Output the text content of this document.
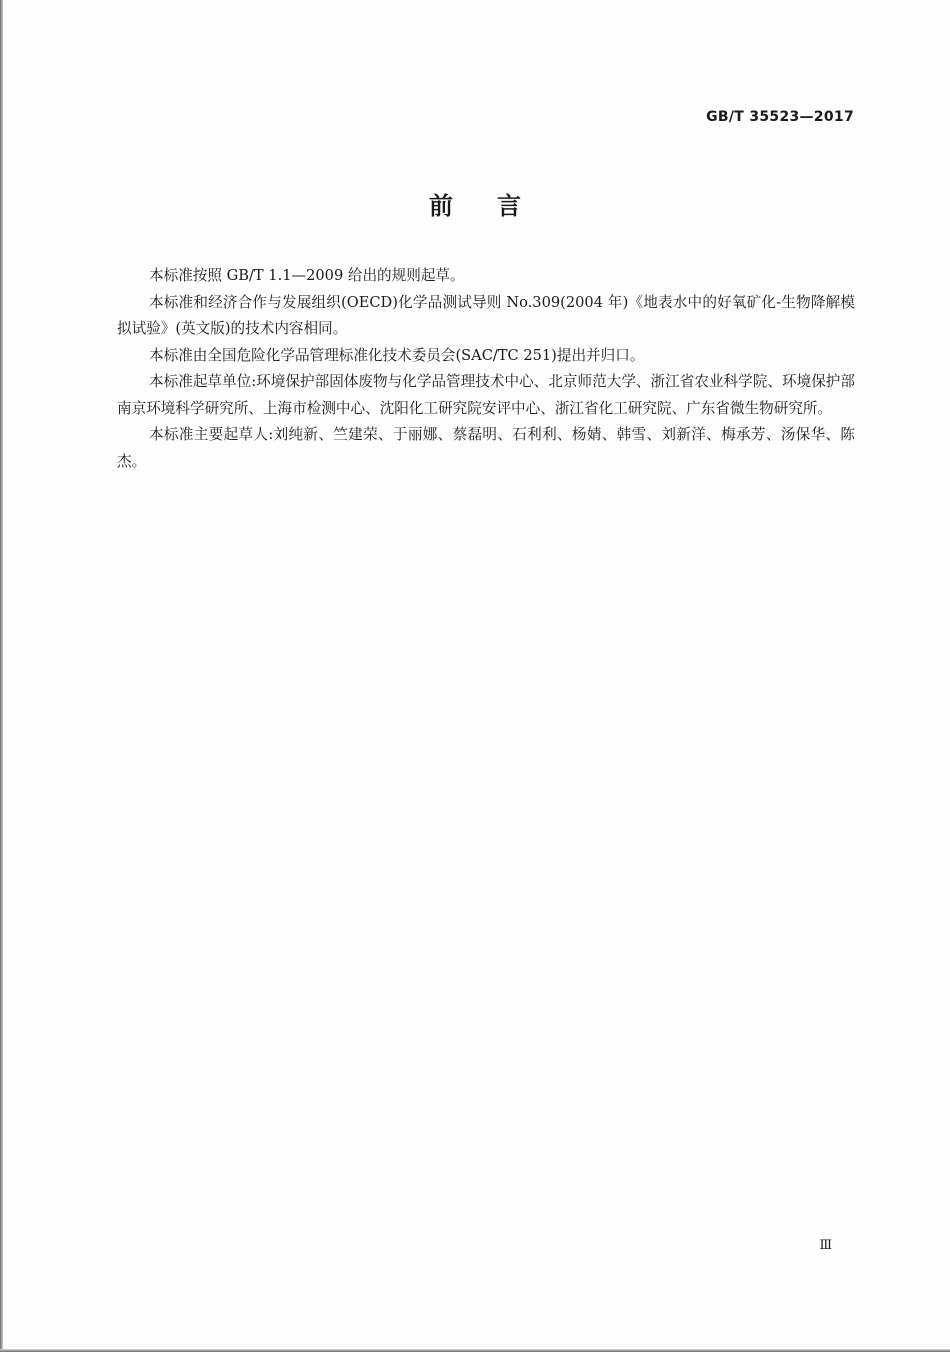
GB/T 35523—2017
前言

本标准按照 GB/T 1.1—2009 给出的规则起草。

本标准和经济合作与发展组织(OECD)化学品测试导则 No.309(2004 年)《地表水中的好氧矿化-生物降解模拟试验》(英文版)的技术内容相同。

本标准由全国危险化学品管理标准化技术委员会(SAC/TC 251)提出并归口。

本标准起草单位:环境保护部固体废物与化学品管理技术中心、北京师范大学、浙江省农业科学院、环境保护部南京环境科学研究所、上海市检测中心、沈阳化工研究院安评中心、浙江省化工研究院、广东省微生物研究所。

本标准主要起草人:刘纯新、竺建荣、于丽娜、蔡磊明、石利利、杨婧、韩雪、刘新洋、梅承芳、汤保华、陈杰。

Ⅲ
